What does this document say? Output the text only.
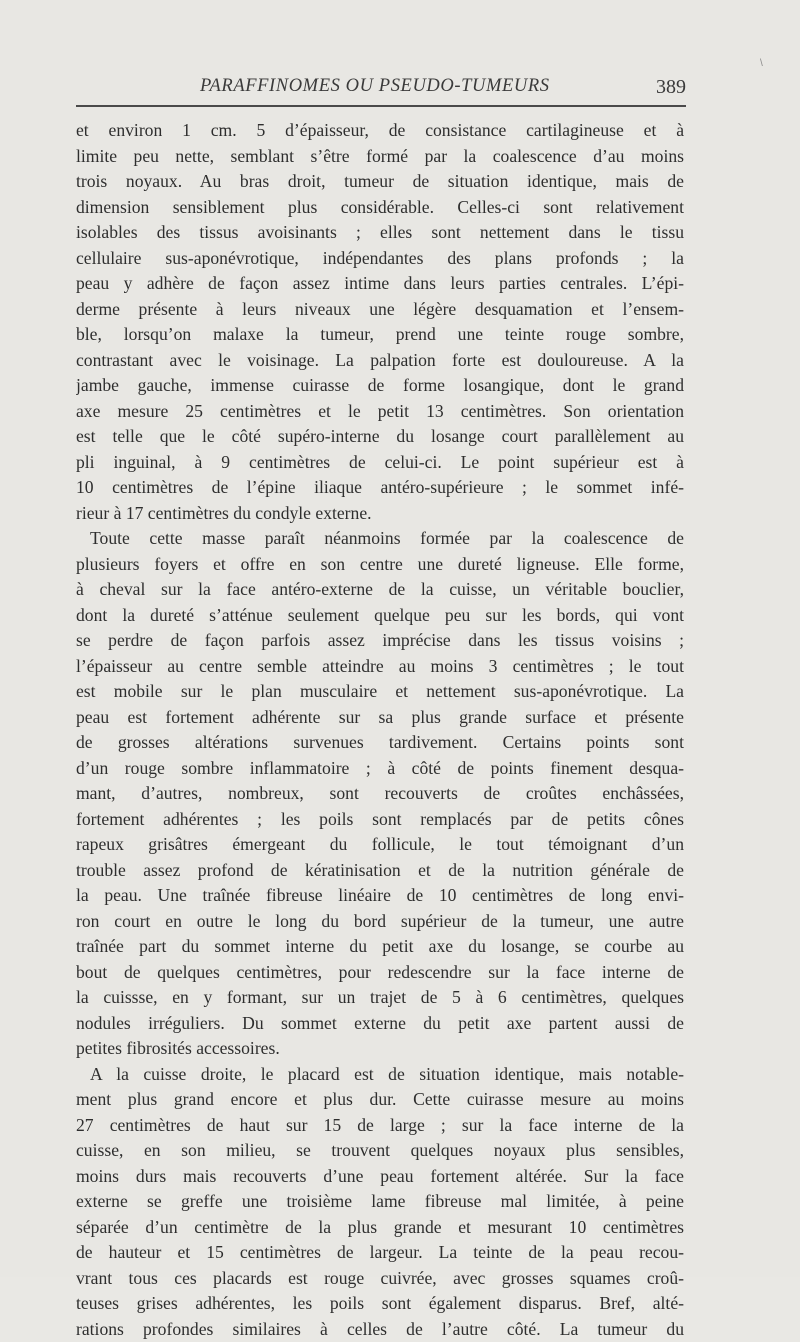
\
PARAFFINOMES OU PSEUDO-TUMEURS	389
et environ 1 cm. 5 d’épaisseur, de consistance cartilagineuse et à
limite peu nette, semblant s’être formé par la coalescence d’au moins
trois noyaux. Au bras droit, tumeur de situation identique, mais de
dimension sensiblement plus considérable. Celles-ci sont relativement
isolables des tissus avoisinants ; elles sont nettement dans le tissu
cellulaire sus-aponévrotique, indépendantes des plans profonds ; la
peau y adhère de façon assez intime dans leurs parties centrales. L’épi-
derme présente à leurs niveaux une légère desquamation et l’ensem-
ble, lorsqu’on malaxe la tumeur, prend une teinte rouge sombre,
contrastant avec le voisinage. La palpation forte est douloureuse. A la
jambe gauche, immense cuirasse de forme losangique, dont le grand
axe mesure 25 centimètres et le petit 13 centimètres. Son orientation
est telle que le côté supéro-interne du losange court parallèlement au
pli inguinal, à 9 centimètres de celui-ci. Le point supérieur est à
10 centimètres de l’épine iliaque antéro-supérieure ; le sommet infé-
rieur à 17 centimètres du condyle externe.
Toute cette masse paraît néanmoins formée par la coalescence de
plusieurs foyers et offre en son centre une dureté ligneuse. Elle forme,
à cheval sur la face antéro-externe de la cuisse, un véritable bouclier,
dont la dureté s’atténue seulement quelque peu sur les bords, qui vont
se perdre de façon parfois assez imprécise dans les tissus voisins ;
l’épaisseur au centre semble atteindre au moins 3 centimètres ; le tout
est mobile sur le plan musculaire et nettement sus-aponévrotique. La
peau est fortement adhérente sur sa plus grande surface et présente
de grosses altérations survenues tardivement. Certains points sont
d’un rouge sombre inflammatoire ; à côté de points finement desqua-
mant, d’autres, nombreux, sont recouverts de croûtes enchâssées,
fortement adhérentes ; les poils sont remplacés par de petits cônes
rapeux grisâtres émergeant du follicule, le tout témoignant d’un
trouble assez profond de kératinisation et de la nutrition générale de
la peau. Une traînée fibreuse linéaire de 10 centimètres de long envi-
ron court en outre le long du bord supérieur de la tumeur, une autre
traînée part du sommet interne du petit axe du losange, se courbe au
bout de quelques centimètres, pour redescendre sur la face interne de
la cuissse, en y formant, sur un trajet de 5 à 6 centimètres, quelques
nodules irréguliers. Du sommet externe du petit axe partent aussi de
petites fibrosités accessoires.
A la cuisse droite, le placard est de situation identique, mais notable-
ment plus grand encore et plus dur. Cette cuirasse mesure au moins
27 centimètres de haut sur 15 de large ; sur la face interne de la
cuisse, en son milieu, se trouvent quelques noyaux plus sensibles,
moins durs mais recouverts d’une peau fortement altérée. Sur la face
externe se greffe une troisième lame fibreuse mal limitée, à peine
séparée d’un centimètre de la plus grande et mesurant 10 centimètres
de hauteur et 15 centimètres de largeur. La teinte de la peau recou-
vrant tous ces placards est rouge cuivrée, avec grosses squames croû-
teuses grises adhérentes, les poils sont également disparus. Bref, alté-
rations profondes similaires à celles de l’autre côté. La tumeur du
